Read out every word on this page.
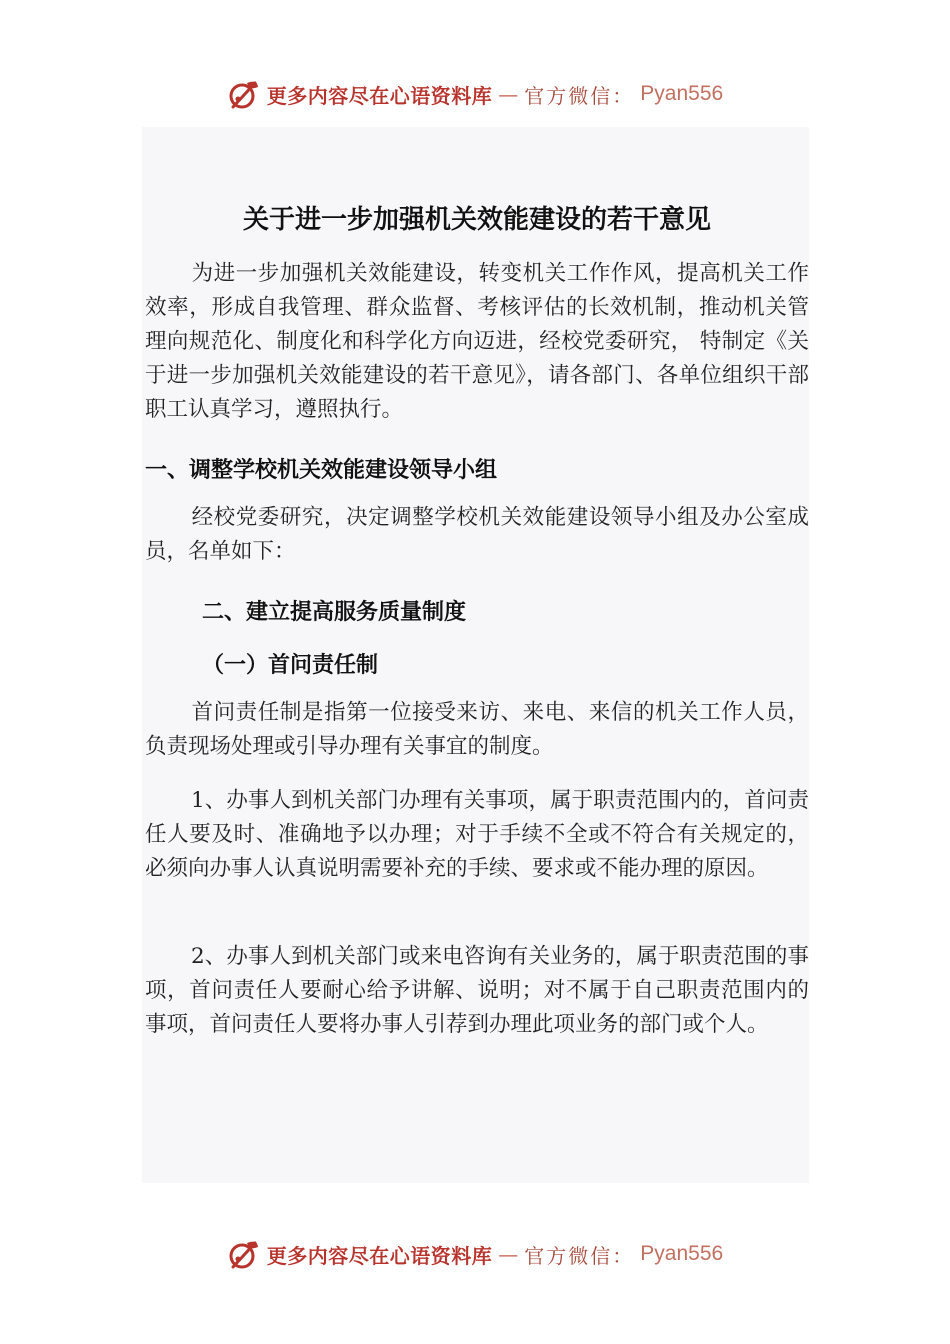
更多内容尽在心语资料库 — 官方微信： Pyan556
关于进一步加强机关效能建设的若干意见

为进一步加强机关效能建设，转变机关工作作风，提高机关工作效率，形成自我管理、群众监督、考核评估的长效机制，推动机关管理向规范化、制度化和科学化方向迈进，经校党委研究， 特制定《关于进一步加强机关效能建设的若干意见》，请各部门、各单位组织干部职工认真学习，遵照执行。

一、调整学校机关效能建设领导小组

经校党委研究，决定调整学校机关效能建设领导小组及办公室成员，名单如下：

二、建立提高服务质量制度
（一）首问责任制

首问责任制是指第一位接受来访、来电、来信的机关工作人员，负责现场处理或引导办理有关事宜的制度。

1、办事人到机关部门办理有关事项，属于职责范围内的，首问责任人要及时、准确地予以办理；对于手续不全或不符合有关规定的，必须向办事人认真说明需要补充的手续、要求或不能办理的原因。

2、办事人到机关部门或来电咨询有关业务的，属于职责范围的事项，首问责任人要耐心给予讲解、说明；对不属于自己职责范围内的事项，首问责任人要将办事人引荐到办理此项业务的部门或个人。

更多内容尽在心语资料库 — 官方微信： Pyan556
